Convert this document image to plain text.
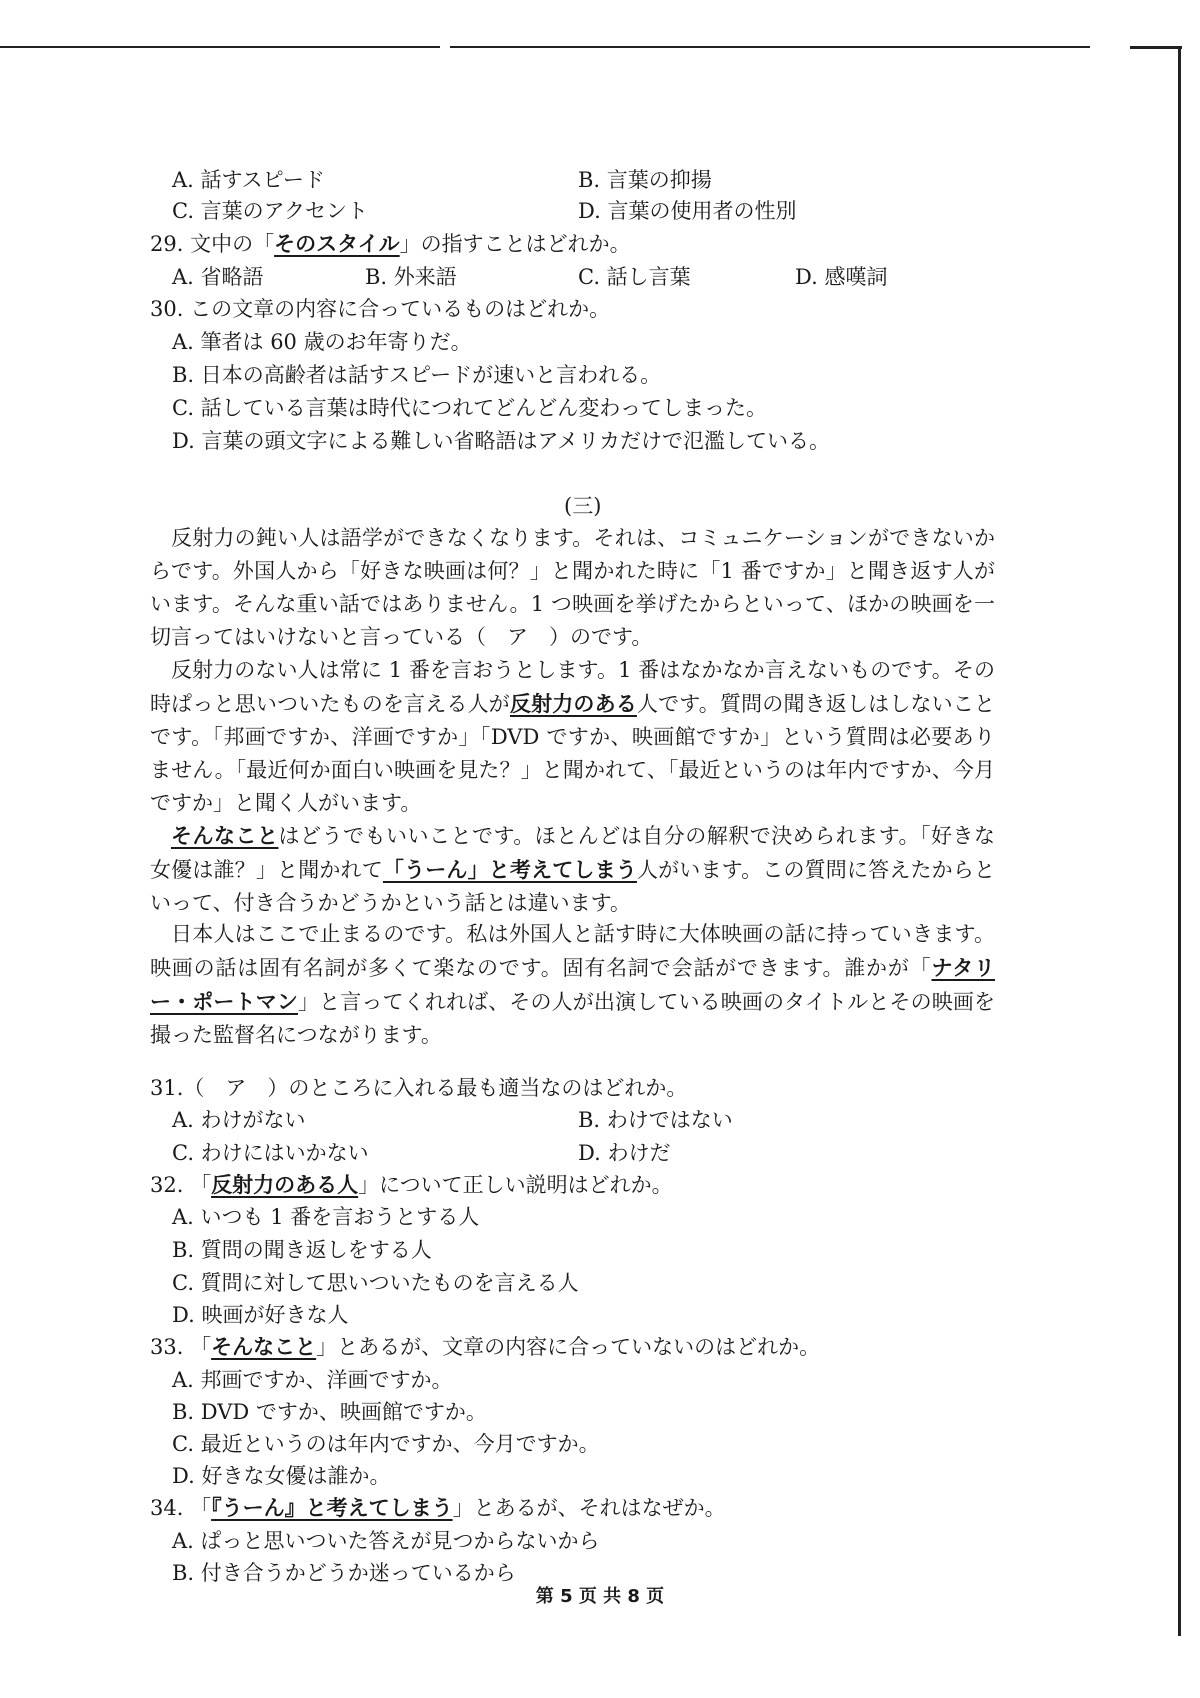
A. 話すスピード	B. 言葉の抑揚
C. 言葉のアクセント	D. 言葉の使用者の性別
29. 文中の「そのスタイル」の指すことはどれか。
A. 省略語	B. 外来語	C. 話し言葉	D. 感嘆詞
30. この文章の内容に合っているものはどれか。
A. 筆者は 60 歳のお年寄りだ。
B. 日本の高齢者は話すスピードが速いと言われる。
C. 話している言葉は時代につれてどんどん変わってしまった。
D. 言葉の頭文字による難しい省略語はアメリカだけで氾濫している。
(三)
反射力の鈍い人は語学ができなくなります。それは、コミュニケーションができないからです。外国人から「好きな映画は何？」と聞かれた時に「1 番ですか」と聞き返す人がいます。そんな重い話ではありません。1 つ映画を挙げたからといって、ほかの映画を一切言ってはいけないと言っている（　ア　）のです。
反射力のない人は常に 1 番を言おうとします。1 番はなかなか言えないものです。その時ぱっと思いついたものを言える人が反射力のある人です。質問の聞き返しはしないことです。「邦画ですか、洋画ですか」「DVD ですか、映画館ですか」という質問は必要ありません。「最近何か面白い映画を見た？」と聞かれて、「最近というのは年内ですか、今月ですか」と聞く人がいます。
そんなことはどうでもいいことです。ほとんどは自分の解釈で決められます。「好きな女優は誰？」と聞かれて「うーん」と考えてしまう人がいます。この質問に答えたからといって、付き合うかどうかという話とは違います。
日本人はここで止まるのです。私は外国人と話す時に大体映画の話に持っていきます。映画の話は固有名詞が多くて楽なのです。固有名詞で会話ができます。誰かが「ナタリー・ポートマン」と言ってくれれば、その人が出演している映画のタイトルとその映画を撮った監督名につながります。
31.（　ア　）のところに入れる最も適当なのはどれか。
A. わけがない	B. わけではない
C. わけにはいかない	D. わけだ
32. 「反射力のある人」について正しい説明はどれか。
A. いつも 1 番を言おうとする人
B. 質問の聞き返しをする人
C. 質問に対して思いついたものを言える人
D. 映画が好きな人
33. 「そんなこと」とあるが、文章の内容に合っていないのはどれか。
A. 邦画ですか、洋画ですか。
B. DVD ですか、映画館ですか。
C. 最近というのは年内ですか、今月ですか。
D. 好きな女優は誰か。
34. 「『うーん』と考えてしまう」とあるが、それはなぜか。
A. ぱっと思いついた答えが見つからないから
B. 付き合うかどうか迷っているから
第 5 页 共 8 页
